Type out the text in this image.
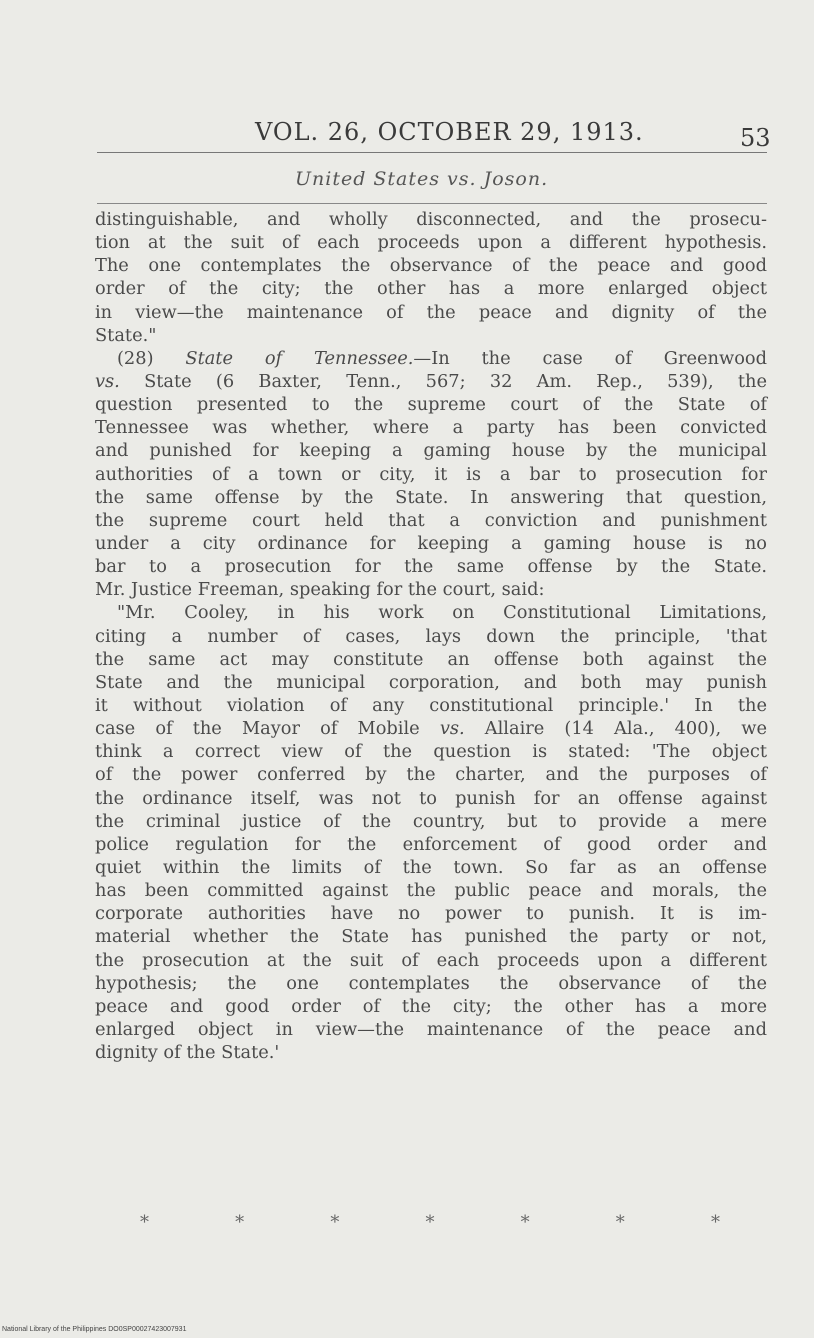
VOL. 26, OCTOBER 29, 1913.	53
United States vs. Joson.
distinguishable, and wholly disconnected, and the prosecu-
tion at the suit of each proceeds upon a different hypothesis.
The one contemplates the observance of the peace and good
order of the city; the other has a more enlarged object
in view—the maintenance of the peace and dignity of the
State."
(28) State of Tennessee.—In the case of Greenwood
vs. State (6 Baxter, Tenn., 567; 32 Am. Rep., 539), the
question presented to the supreme court of the State of
Tennessee was whether, where a party has been convicted
and punished for keeping a gaming house by the municipal
authorities of a town or city, it is a bar to prosecution for
the same offense by the State. In answering that question,
the supreme court held that a conviction and punishment
under a city ordinance for keeping a gaming house is no
bar to a prosecution for the same offense by the State.
Mr. Justice Freeman, speaking for the court, said:
"Mr. Cooley, in his work on Constitutional Limitations,
citing a number of cases, lays down the principle, 'that
the same act may constitute an offense both against the
State and the municipal corporation, and both may punish
it without violation of any constitutional principle.' In the
case of the Mayor of Mobile vs. Allaire (14 Ala., 400), we
think a correct view of the question is stated: 'The object
of the power conferred by the charter, and the purposes of
the ordinance itself, was not to punish for an offense against
the criminal justice of the country, but to provide a mere
police regulation for the enforcement of good order and
quiet within the limits of the town. So far as an offense
has been committed against the public peace and morals, the
corporate authorities have no power to punish. It is im-
material whether the State has punished the party or not,
the prosecution at the suit of each proceeds upon a different
hypothesis; the one contemplates the observance of the
peace and good order of the city; the other has a more
enlarged object in view—the maintenance of the peace and
dignity of the State.'
*	*	*	*	*	*	*
National Library of the Philippines DO0SP00027423007931
